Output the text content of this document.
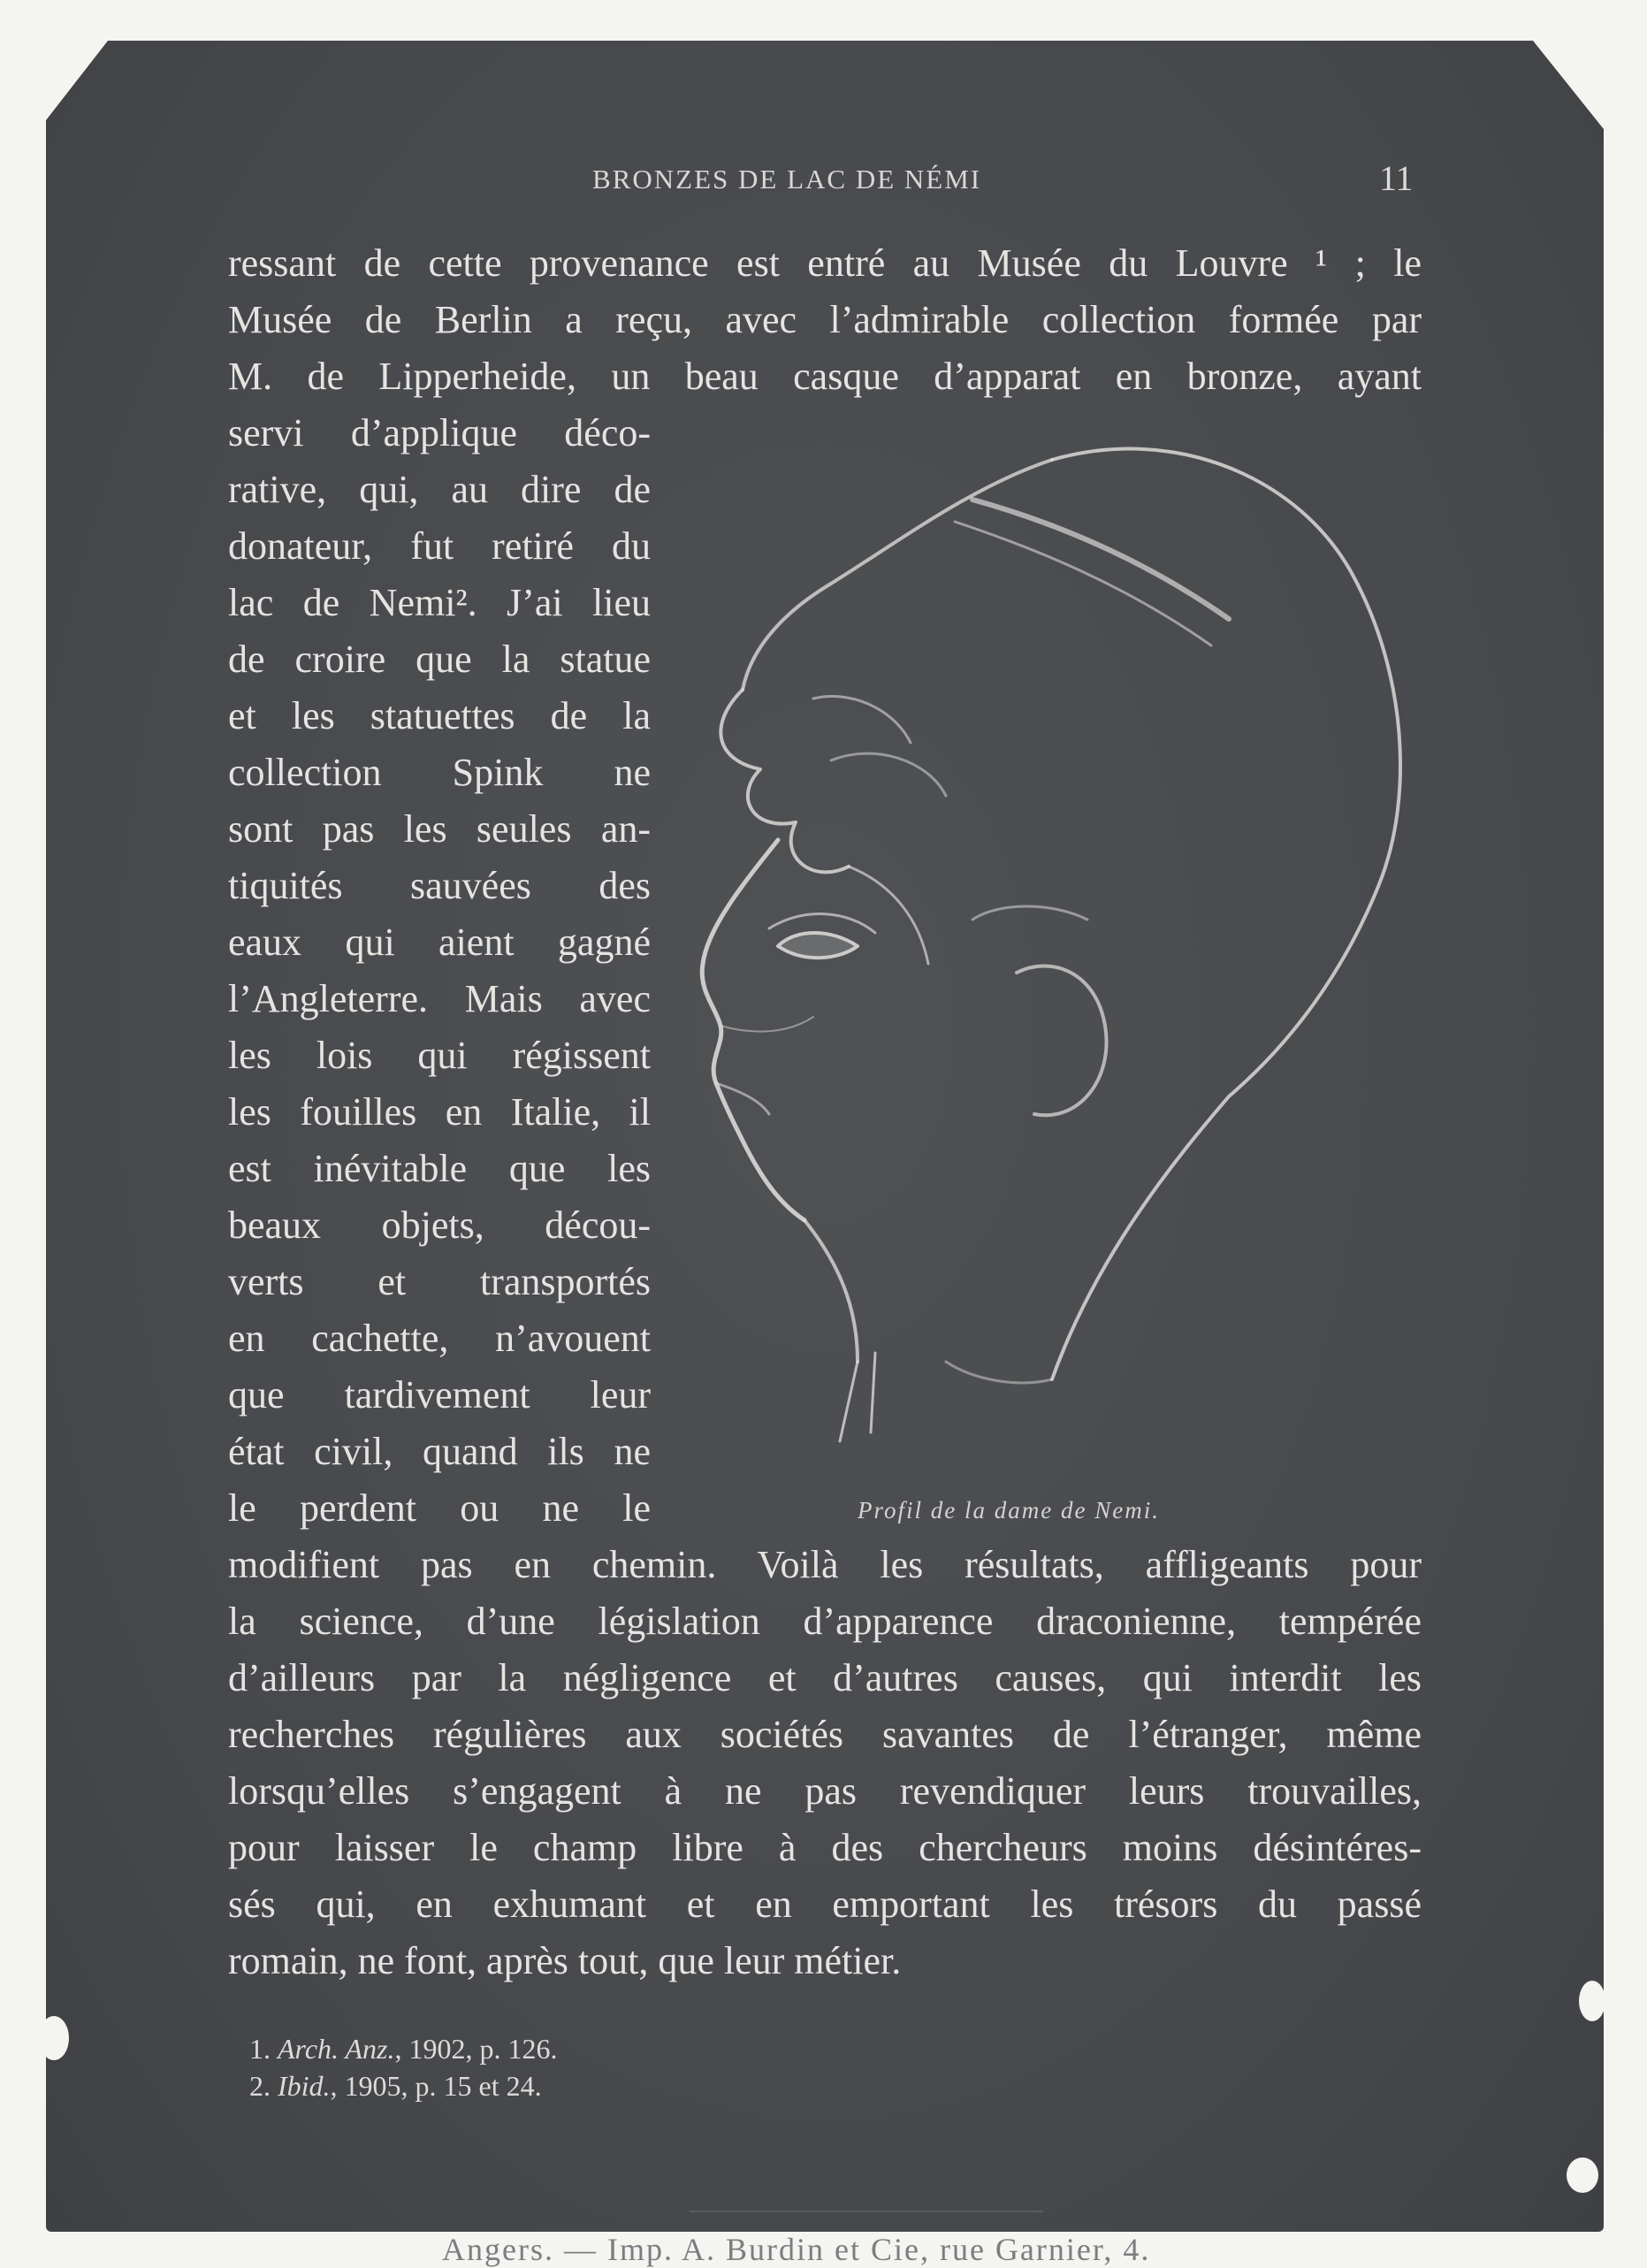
BRONZES DE LAC DE NÉMI	11
ressant de cette provenance est entré au Musée du Louvre ¹ ; le
Musée de Berlin a reçu, avec l’admirable collection formée par
M. de Lipperheide, un beau casque d’apparat en bronze, ayant
servi d’applique déco-
rative, qui, au dire de
donateur, fut retiré du
lac de Nemi². J’ai lieu
de croire que la statue
et les statuettes de la
collection Spink ne
sont pas les seules an-
tiquités sauvées des
eaux qui aient gagné
l’Angleterre. Mais avec
les lois qui régissent
les fouilles en Italie, il
est inévitable que les
beaux objets, décou-
verts et transportés
en cachette, n’avouent
que tardivement leur
état civil, quand ils ne
le perdent ou ne le	Profil de la dame de Nemi.
modifient pas en chemin. Voilà les résultats, affligeants pour
la science, d’une législation d’apparence draconienne, tempérée
d’ailleurs par la négligence et d’autres causes, qui interdit les
recherches régulières aux sociétés savantes de l’étranger, même
lorsqu’elles s’engagent à ne pas revendiquer leurs trouvailles,
pour laisser le champ libre à des chercheurs moins désintéres-
sés qui, en exhumant et en emportant les trésors du passé
romain, ne font, après tout, que leur métier.
1. Arch. Anz., 1902, p. 126.
2. Ibid., 1905, p. 15 et 24.
Angers. — Imp. A. Burdin et Cie, rue Garnier, 4.
